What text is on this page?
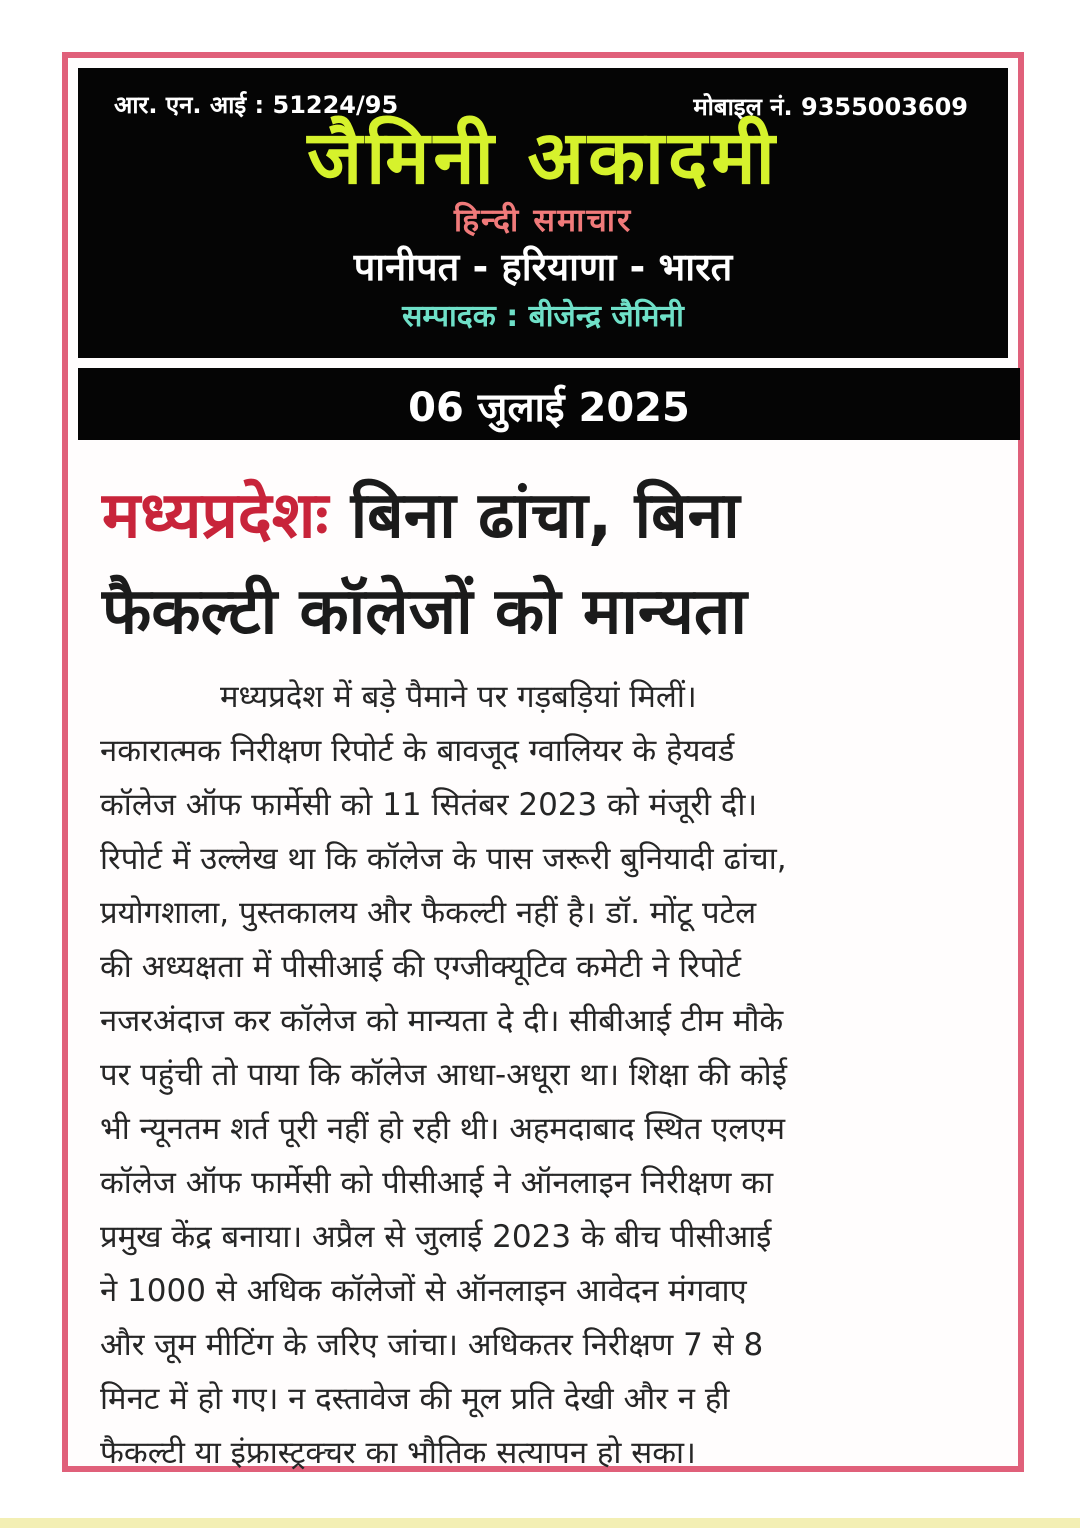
आर. एन. आई : 51224/95	मोबाइल नं. 9355003609
जैमिनी अकादमी
हिन्दी समाचार
पानीपत - हरियाणा - भारत
सम्पादक : बीजेन्द्र जैमिनी
06 जुलाई 2025
मध्यप्रदेशः बिना ढांचा, बिना
फैकल्टी कॉलेजों को मान्यता
मध्यप्रदेश में बड़े पैमाने पर गड़बड़ियां मिलीं।
नकारात्मक निरीक्षण रिपोर्ट के बावजूद ग्वालियर के हेयवर्ड
कॉलेज ऑफ फार्मेसी को 11 सितंबर 2023 को मंजूरी दी।
रिपोर्ट में उल्लेख था कि कॉलेज के पास जरूरी बुनियादी ढांचा,
प्रयोगशाला, पुस्तकालय और फैकल्टी नहीं है। डॉ. मोंटू पटेल
की अध्यक्षता में पीसीआई की एग्जीक्यूटिव कमेटी ने रिपोर्ट
नजरअंदाज कर कॉलेज को मान्यता दे दी। सीबीआई टीम मौके
पर पहुंची तो पाया कि कॉलेज आधा-अधूरा था। शिक्षा की कोई
भी न्यूनतम शर्त पूरी नहीं हो रही थी। अहमदाबाद स्थित एलएम
कॉलेज ऑफ फार्मेसी को पीसीआई ने ऑनलाइन निरीक्षण का
प्रमुख केंद्र बनाया। अप्रैल से जुलाई 2023 के बीच पीसीआई
ने 1000 से अधिक कॉलेजों से ऑनलाइन आवेदन मंगवाए
और जूम मीटिंग के जरिए जांचा। अधिकतर निरीक्षण 7 से 8
मिनट में हो गए। न दस्तावेज की मूल प्रति देखी और न ही
फैकल्टी या इंफ्रास्ट्रक्चर का भौतिक सत्यापन हो सका।
